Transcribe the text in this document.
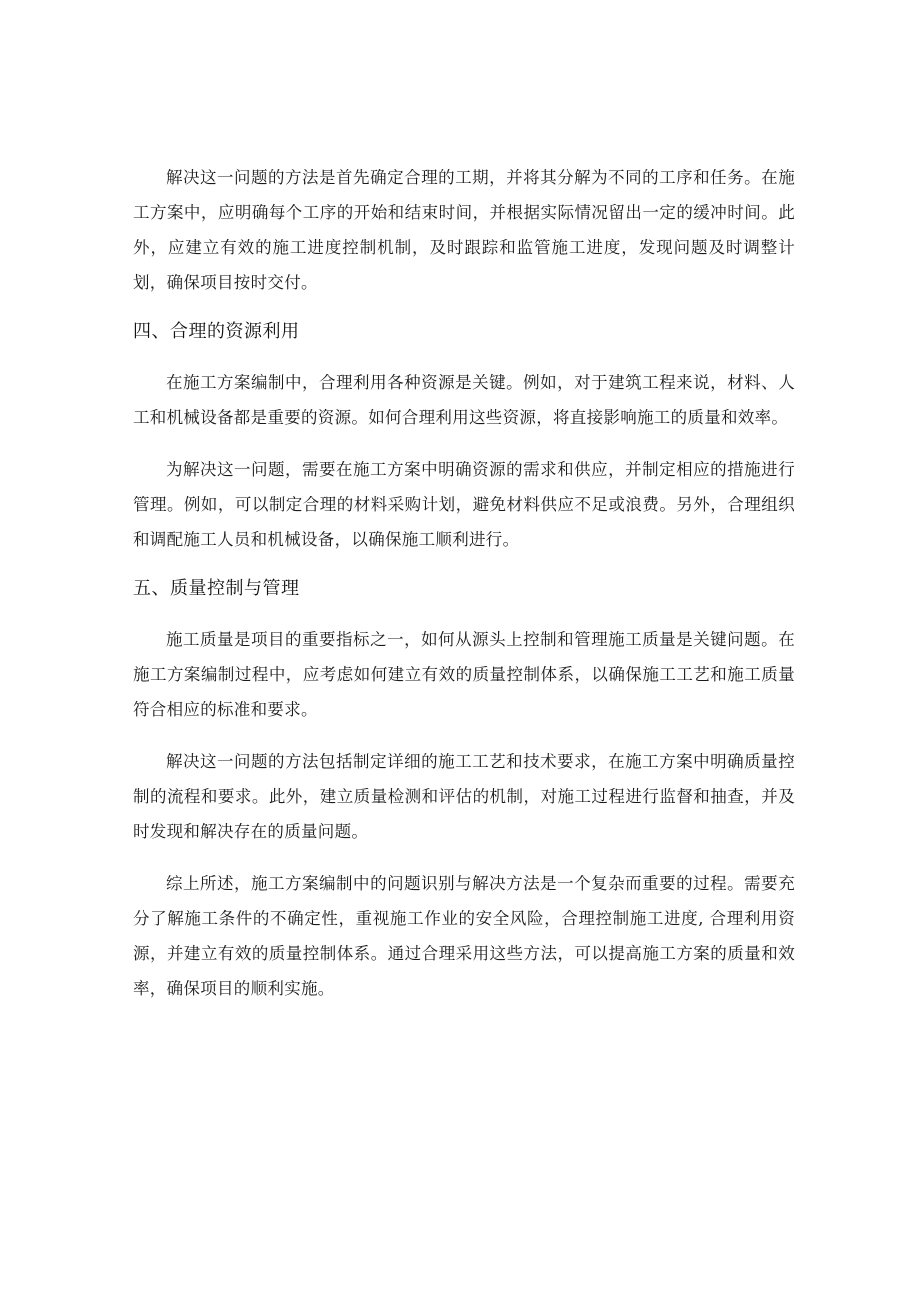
解决这一问题的方法是首先确定合理的工期，并将其分解为不同的工序和任务。在施工方案中，应明确每个工序的开始和结束时间，并根据实际情况留出一定的缓冲时间。此外，应建立有效的施工进度控制机制，及时跟踪和监管施工进度，发现问题及时调整计划，确保项目按时交付。

四、合理的资源利用

在施工方案编制中，合理利用各种资源是关键。例如，对于建筑工程来说，材料、人工和机械设备都是重要的资源。如何合理利用这些资源，将直接影响施工的质量和效率。

为解决这一问题，需要在施工方案中明确资源的需求和供应，并制定相应的措施进行管理。例如，可以制定合理的材料采购计划，避免材料供应不足或浪费。另外，合理组织和调配施工人员和机械设备，以确保施工顺利进行。

五、质量控制与管理

施工质量是项目的重要指标之一，如何从源头上控制和管理施工质量是关键问题。在施工方案编制过程中，应考虑如何建立有效的质量控制体系，以确保施工工艺和施工质量符合相应的标准和要求。

解决这一问题的方法包括制定详细的施工工艺和技术要求，在施工方案中明确质量控制的流程和要求。此外，建立质量检测和评估的机制，对施工过程进行监督和抽查，并及时发现和解决存在的质量问题。

综上所述，施工方案编制中的问题识别与解决方法是一个复杂而重要的过程。需要充分了解施工条件的不确定性，重视施工作业的安全风险，合理控制施工进度, 合理利用资源，并建立有效的质量控制体系。通过合理采用这些方法，可以提高施工方案的质量和效率，确保项目的顺利实施。
